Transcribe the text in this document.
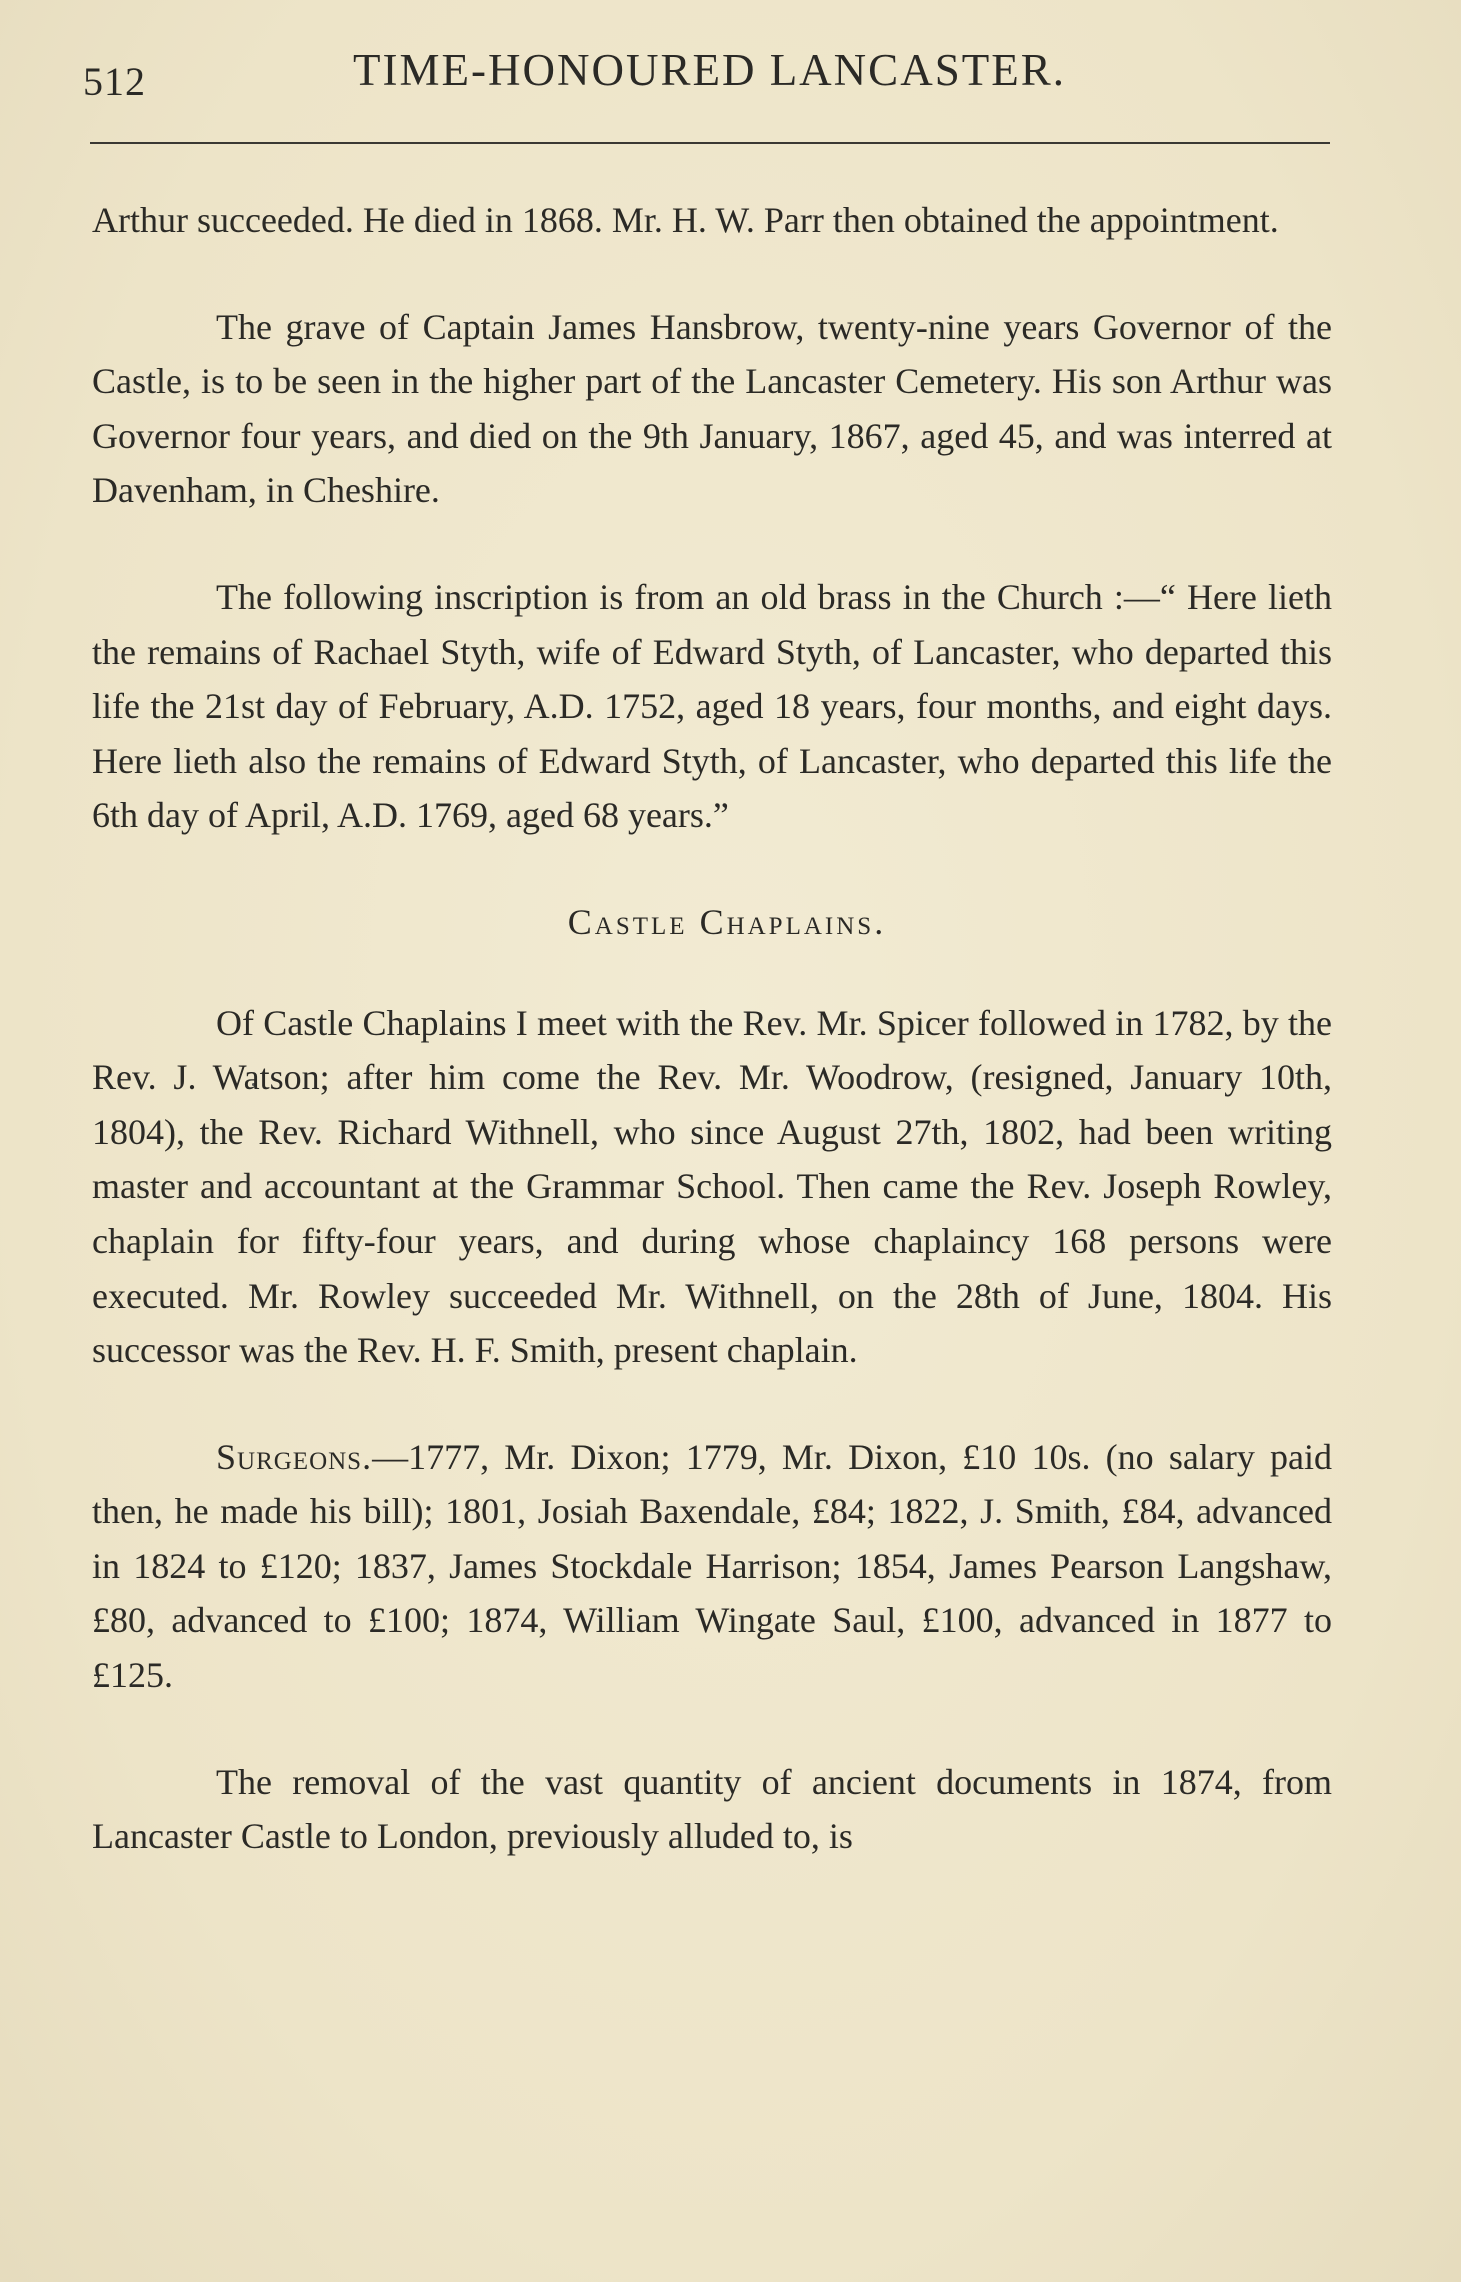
512	TIME-HONOURED LANCASTER.

Arthur succeeded. He died in 1868. Mr. H. W. Parr then obtained the appointment.

The grave of Captain James Hansbrow, twenty-nine years Governor of the Castle, is to be seen in the higher part of the Lancaster Cemetery. His son Arthur was Governor four years, and died on the 9th January, 1867, aged 45, and was interred at Davenham, in Cheshire.

The following inscription is from an old brass in the Church :—“ Here lieth the remains of Rachael Styth, wife of Edward Styth, of Lancaster, who departed this life the 21st day of February, A.D. 1752, aged 18 years, four months, and eight days. Here lieth also the remains of Edward Styth, of Lancaster, who departed this life the 6th day of April, A.D. 1769, aged 68 years.”

Castle Chaplains.

Of Castle Chaplains I meet with the Rev. Mr. Spicer followed in 1782, by the Rev. J. Watson; after him come the Rev. Mr. Woodrow, (resigned, January 10th, 1804), the Rev. Richard Withnell, who since August 27th, 1802, had been writing master and accountant at the Grammar School. Then came the Rev. Joseph Rowley, chaplain for fifty-four years, and during whose chaplaincy 168 persons were executed. Mr. Rowley succeeded Mr. Withnell, on the 28th of June, 1804. His successor was the Rev. H. F. Smith, present chaplain.

Surgeons.—1777, Mr. Dixon; 1779, Mr. Dixon, £10 10s. (no salary paid then, he made his bill); 1801, Josiah Baxendale, £84; 1822, J. Smith, £84, advanced in 1824 to £120; 1837, James Stockdale Harrison; 1854, James Pearson Langshaw, £80, advanced to £100; 1874, William Wingate Saul, £100, advanced in 1877 to £125.

The removal of the vast quantity of ancient documents in 1874, from Lancaster Castle to London, previously alluded to, is
